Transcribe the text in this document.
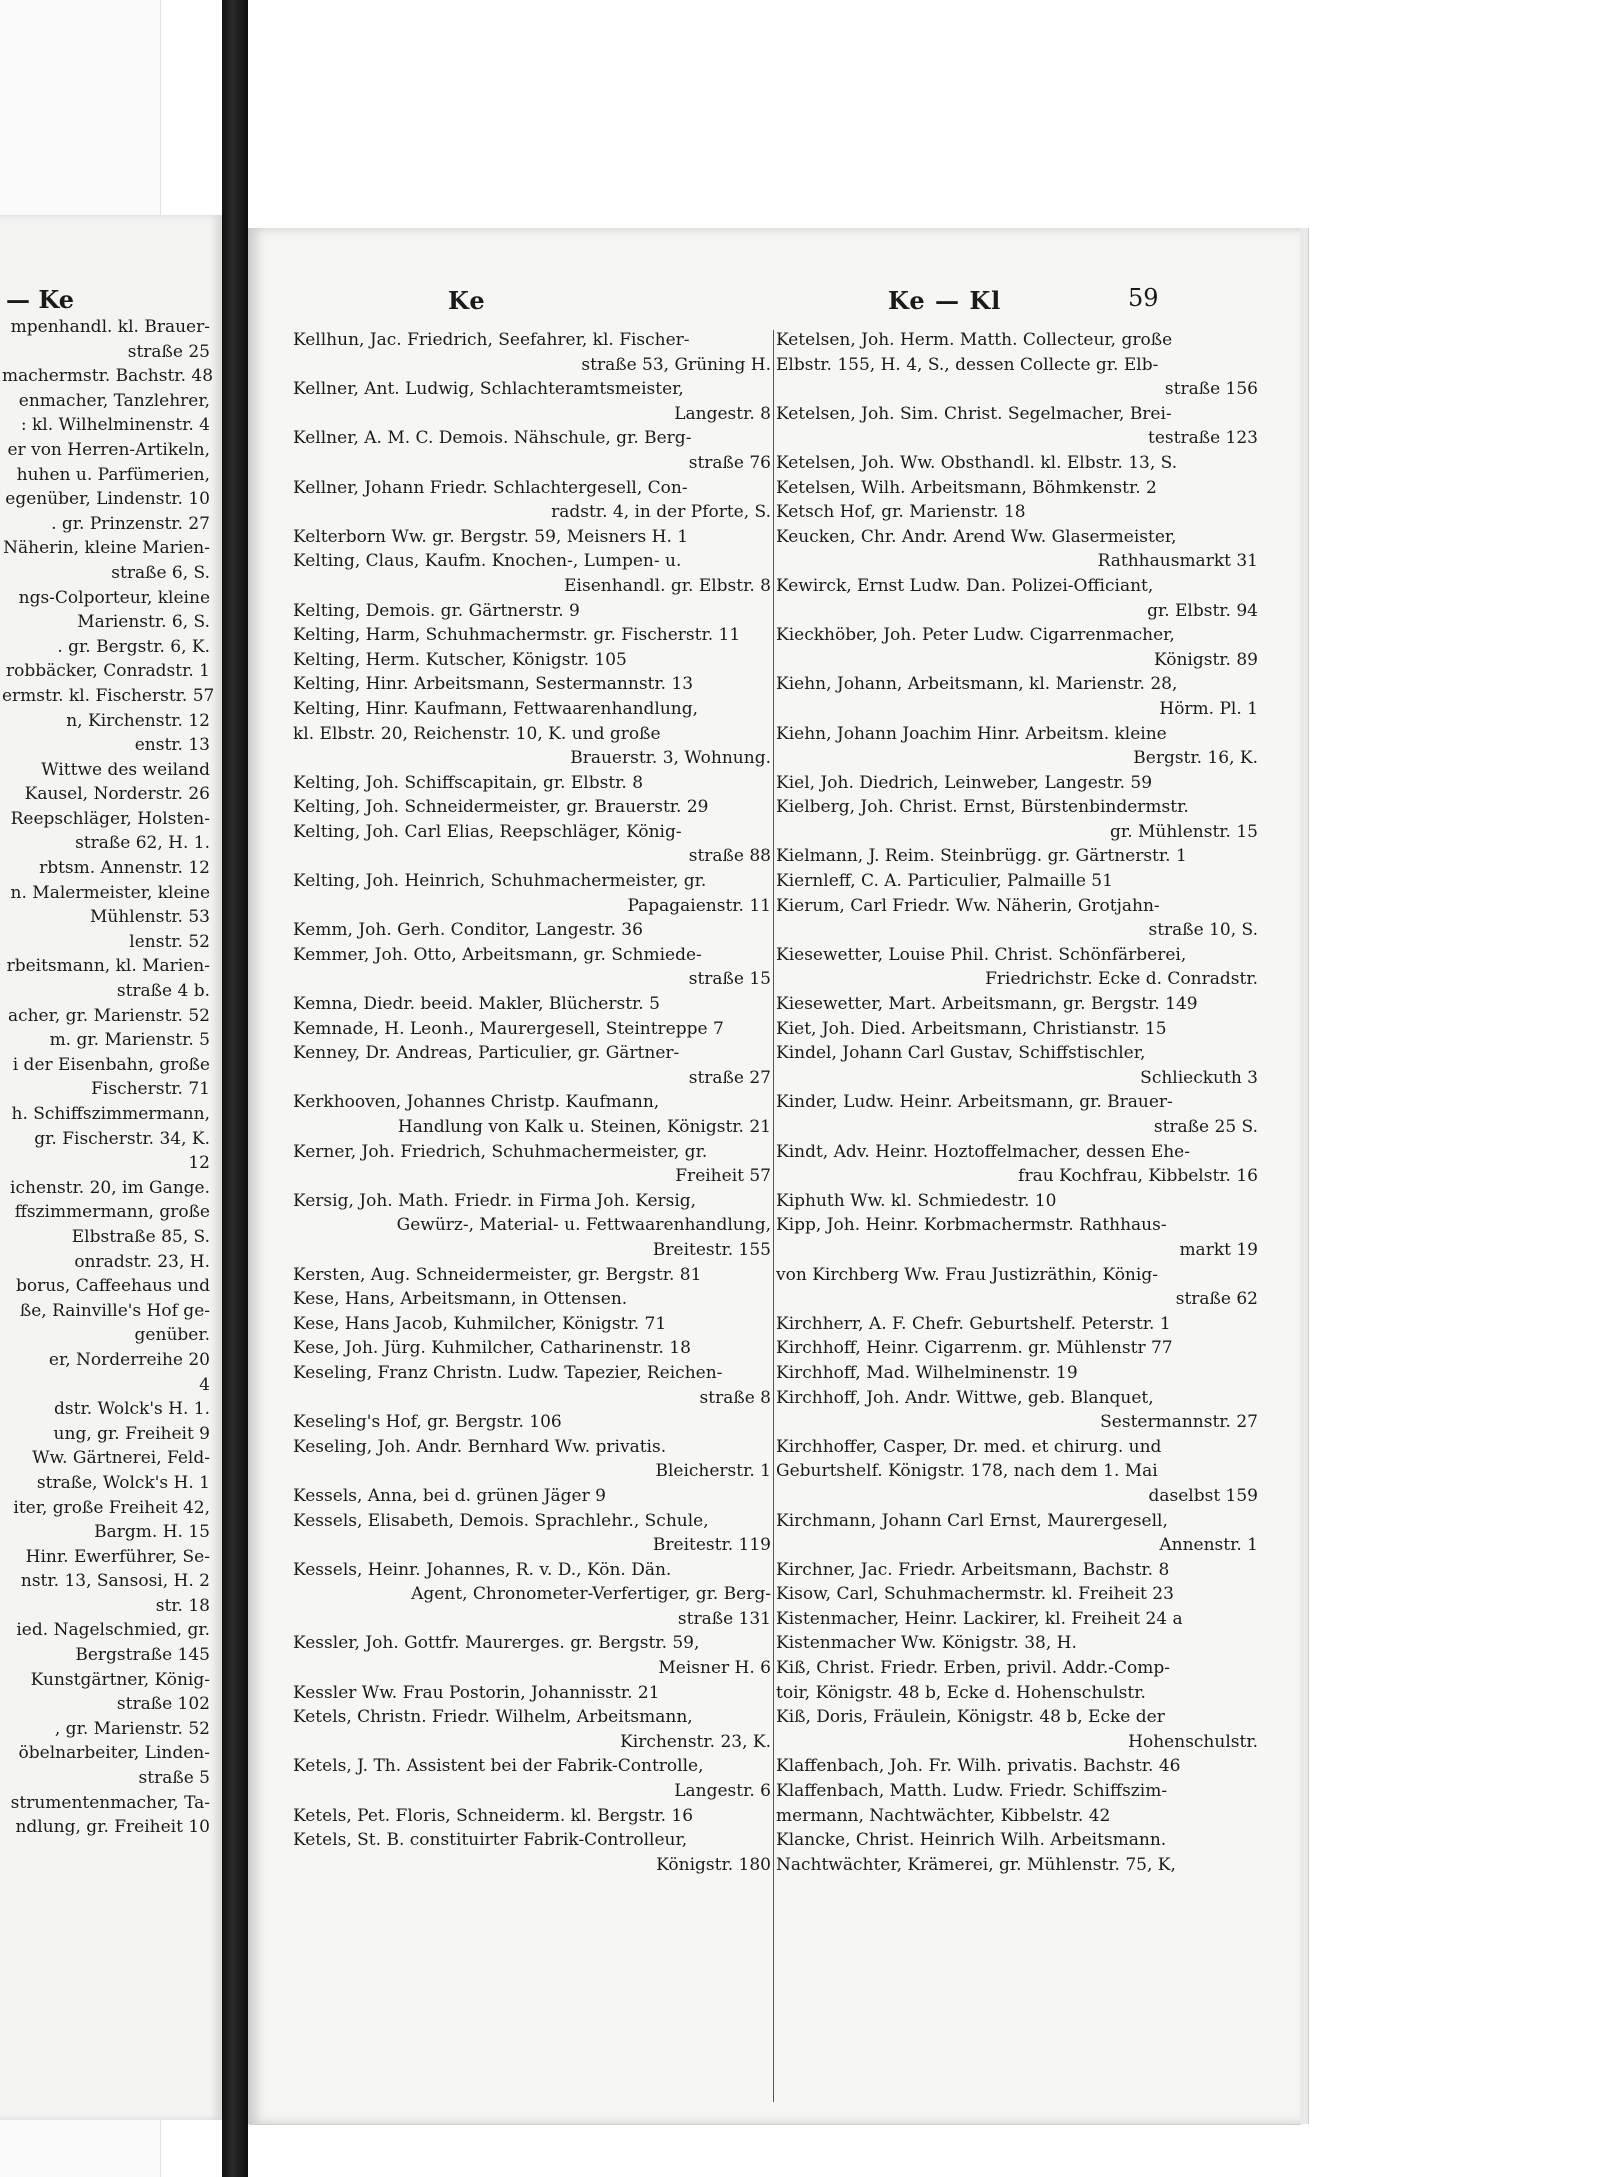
— Ke
mpenhandl. kl. Brauer-
straße 25
machermstr. Bachstr. 48
enmacher, Tanzlehrer,
: kl. Wilhelminenstr. 4
er von Herren-Artikeln,
huhen u. Parfümerien,
egenüber, Lindenstr. 10
. gr. Prinzenstr. 27
Näherin, kleine Marien-
straße 6, S.
ngs-Colporteur, kleine
Marienstr. 6, S.
. gr. Bergstr. 6, K.
robbäcker, Conradstr. 1
ermstr. kl. Fischerstr. 57
n, Kirchenstr. 12
enstr. 13
Wittwe des weiland
Kausel, Norderstr. 26
Reepschläger, Holsten-
straße 62, H. 1.
rbtsm. Annenstr. 12
n. Malermeister, kleine
Mühlenstr. 53
lenstr. 52
rbeitsmann, kl. Marien-
straße 4 b.
acher, gr. Marienstr. 52
m. gr. Marienstr. 5
i der Eisenbahn, große
Fischerstr. 71
h. Schiffszimmermann,
gr. Fischerstr. 34, K.
12
ichenstr. 20, im Gange.
ffszimmermann, große
Elbstraße 85, S.
onradstr. 23, H.
borus, Caffeehaus und
ße, Rainville's Hof ge-
genüber.
er, Norderreihe 20
4
dstr. Wolck's H. 1.
ung, gr. Freiheit 9
Ww. Gärtnerei, Feld-
straße, Wolck's H. 1
iter, große Freiheit 42,
Bargm. H. 15
Hinr. Ewerführer, Se-
nstr. 13, Sansosi, H. 2
str. 18
ied. Nagelschmied, gr.
Bergstraße 145
Kunstgärtner, König-
straße 102
, gr. Marienstr. 52
öbelnarbeiter, Linden-
straße 5
strumentenmacher, Ta-
ndlung, gr. Freiheit 10
Ke	Ke — Kl	59
Kellhun, Jac. Friedrich, Seefahrer, kl. Fischer-
straße 53, Grüning H.
Kellner, Ant. Ludwig, Schlachteramtsmeister,
Langestr. 8
Kellner, A. M. C. Demois. Nähschule, gr. Berg-
straße 76
Kellner, Johann Friedr. Schlachtergesell, Con-
radstr. 4, in der Pforte, S.
Kelterborn Ww. gr. Bergstr. 59, Meisners H. 1
Kelting, Claus, Kaufm. Knochen-, Lumpen- u.
Eisenhandl. gr. Elbstr. 8
Kelting, Demois. gr. Gärtnerstr. 9
Kelting, Harm, Schuhmachermstr. gr. Fischerstr. 11
Kelting, Herm. Kutscher, Königstr. 105
Kelting, Hinr. Arbeitsmann, Sestermannstr. 13
Kelting, Hinr. Kaufmann, Fettwaarenhandlung,
kl. Elbstr. 20, Reichenstr. 10, K. und große
Brauerstr. 3, Wohnung.
Kelting, Joh. Schiffscapitain, gr. Elbstr. 8
Kelting, Joh. Schneidermeister, gr. Brauerstr. 29
Kelting, Joh. Carl Elias, Reepschläger, König-
straße 88
Kelting, Joh. Heinrich, Schuhmachermeister, gr.
Papagaienstr. 11
Kemm, Joh. Gerh. Conditor, Langestr. 36
Kemmer, Joh. Otto, Arbeitsmann, gr. Schmiede-
straße 15
Kemna, Diedr. beeid. Makler, Blücherstr. 5
Kemnade, H. Leonh., Maurergesell, Steintreppe 7
Kenney, Dr. Andreas, Particulier, gr. Gärtner-
straße 27
Kerkhooven, Johannes Christp. Kaufmann,
Handlung von Kalk u. Steinen, Königstr. 21
Kerner, Joh. Friedrich, Schuhmachermeister, gr.
Freiheit 57
Kersig, Joh. Math. Friedr. in Firma Joh. Kersig,
Gewürz-, Material- u. Fettwaarenhandlung,
Breitestr. 155
Kersten, Aug. Schneidermeister, gr. Bergstr. 81
Kese, Hans, Arbeitsmann, in Ottensen.
Kese, Hans Jacob, Kuhmilcher, Königstr. 71
Kese, Joh. Jürg. Kuhmilcher, Catharinenstr. 18
Keseling, Franz Christn. Ludw. Tapezier, Reichen-
straße 8
Keseling's Hof, gr. Bergstr. 106
Keseling, Joh. Andr. Bernhard Ww. privatis.
Bleicherstr. 1
Kessels, Anna, bei d. grünen Jäger 9
Kessels, Elisabeth, Demois. Sprachlehr., Schule,
Breitestr. 119
Kessels, Heinr. Johannes, R. v. D., Kön. Dän.
Agent, Chronometer-Verfertiger, gr. Berg-
straße 131
Kessler, Joh. Gottfr. Maurerges. gr. Bergstr. 59,
Meisner H. 6
Kessler Ww. Frau Postorin, Johannisstr. 21
Ketels, Christn. Friedr. Wilhelm, Arbeitsmann,
Kirchenstr. 23, K.
Ketels, J. Th. Assistent bei der Fabrik-Controlle,
Langestr. 6
Ketels, Pet. Floris, Schneiderm. kl. Bergstr. 16
Ketels, St. B. constituirter Fabrik-Controlleur,
Königstr. 180
Ketelsen, Joh. Herm. Matth. Collecteur, große
Elbstr. 155, H. 4, S., dessen Collecte gr. Elb-
straße 156
Ketelsen, Joh. Sim. Christ. Segelmacher, Brei-
testraße 123
Ketelsen, Joh. Ww. Obsthandl. kl. Elbstr. 13, S.
Ketelsen, Wilh. Arbeitsmann, Böhmkenstr. 2
Ketsch Hof, gr. Marienstr. 18
Keucken, Chr. Andr. Arend Ww. Glasermeister,
Rathhausmarkt 31
Kewirck, Ernst Ludw. Dan. Polizei-Officiant,
gr. Elbstr. 94
Kieckhöber, Joh. Peter Ludw. Cigarrenmacher,
Königstr. 89
Kiehn, Johann, Arbeitsmann, kl. Marienstr. 28,
Hörm. Pl. 1
Kiehn, Johann Joachim Hinr. Arbeitsm. kleine
Bergstr. 16, K.
Kiel, Joh. Diedrich, Leinweber, Langestr. 59
Kielberg, Joh. Christ. Ernst, Bürstenbindermstr.
gr. Mühlenstr. 15
Kielmann, J. Reim. Steinbrügg. gr. Gärtnerstr. 1
Kiernleff, C. A. Particulier, Palmaille 51
Kierum, Carl Friedr. Ww. Näherin, Grotjahn-
straße 10, S.
Kiesewetter, Louise Phil. Christ. Schönfärberei,
Friedrichstr. Ecke d. Conradstr.
Kiesewetter, Mart. Arbeitsmann, gr. Bergstr. 149
Kiet, Joh. Died. Arbeitsmann, Christianstr. 15
Kindel, Johann Carl Gustav, Schiffstischler,
Schlieckuth 3
Kinder, Ludw. Heinr. Arbeitsmann, gr. Brauer-
straße 25 S.
Kindt, Adv. Heinr. Hoztoffelmacher, dessen Ehe-
frau Kochfrau, Kibbelstr. 16
Kiphuth Ww. kl. Schmiedestr. 10
Kipp, Joh. Heinr. Korbmachermstr. Rathhaus-
markt 19
von Kirchberg Ww. Frau Justizräthin, König-
straße 62
Kirchherr, A. F. Chefr. Geburtshelf. Peterstr. 1
Kirchhoff, Heinr. Cigarrenm. gr. Mühlenstr 77
Kirchhoff, Mad. Wilhelminenstr. 19
Kirchhoff, Joh. Andr. Wittwe, geb. Blanquet,
Sestermannstr. 27
Kirchhoffer, Casper, Dr. med. et chirurg. und
Geburtshelf. Königstr. 178, nach dem 1. Mai
daselbst 159
Kirchmann, Johann Carl Ernst, Maurergesell,
Annenstr. 1
Kirchner, Jac. Friedr. Arbeitsmann, Bachstr. 8
Kisow, Carl, Schuhmachermstr. kl. Freiheit 23
Kistenmacher, Heinr. Lackirer, kl. Freiheit 24 a
Kistenmacher Ww. Königstr. 38, H.
Kiß, Christ. Friedr. Erben, privil. Addr.-Comp-
toir, Königstr. 48 b, Ecke d. Hohenschulstr.
Kiß, Doris, Fräulein, Königstr. 48 b, Ecke der
Hohenschulstr.
Klaffenbach, Joh. Fr. Wilh. privatis. Bachstr. 46
Klaffenbach, Matth. Ludw. Friedr. Schiffszim-
mermann, Nachtwächter, Kibbelstr. 42
Klancke, Christ. Heinrich Wilh. Arbeitsmann.
Nachtwächter, Krämerei, gr. Mühlenstr. 75, K,
